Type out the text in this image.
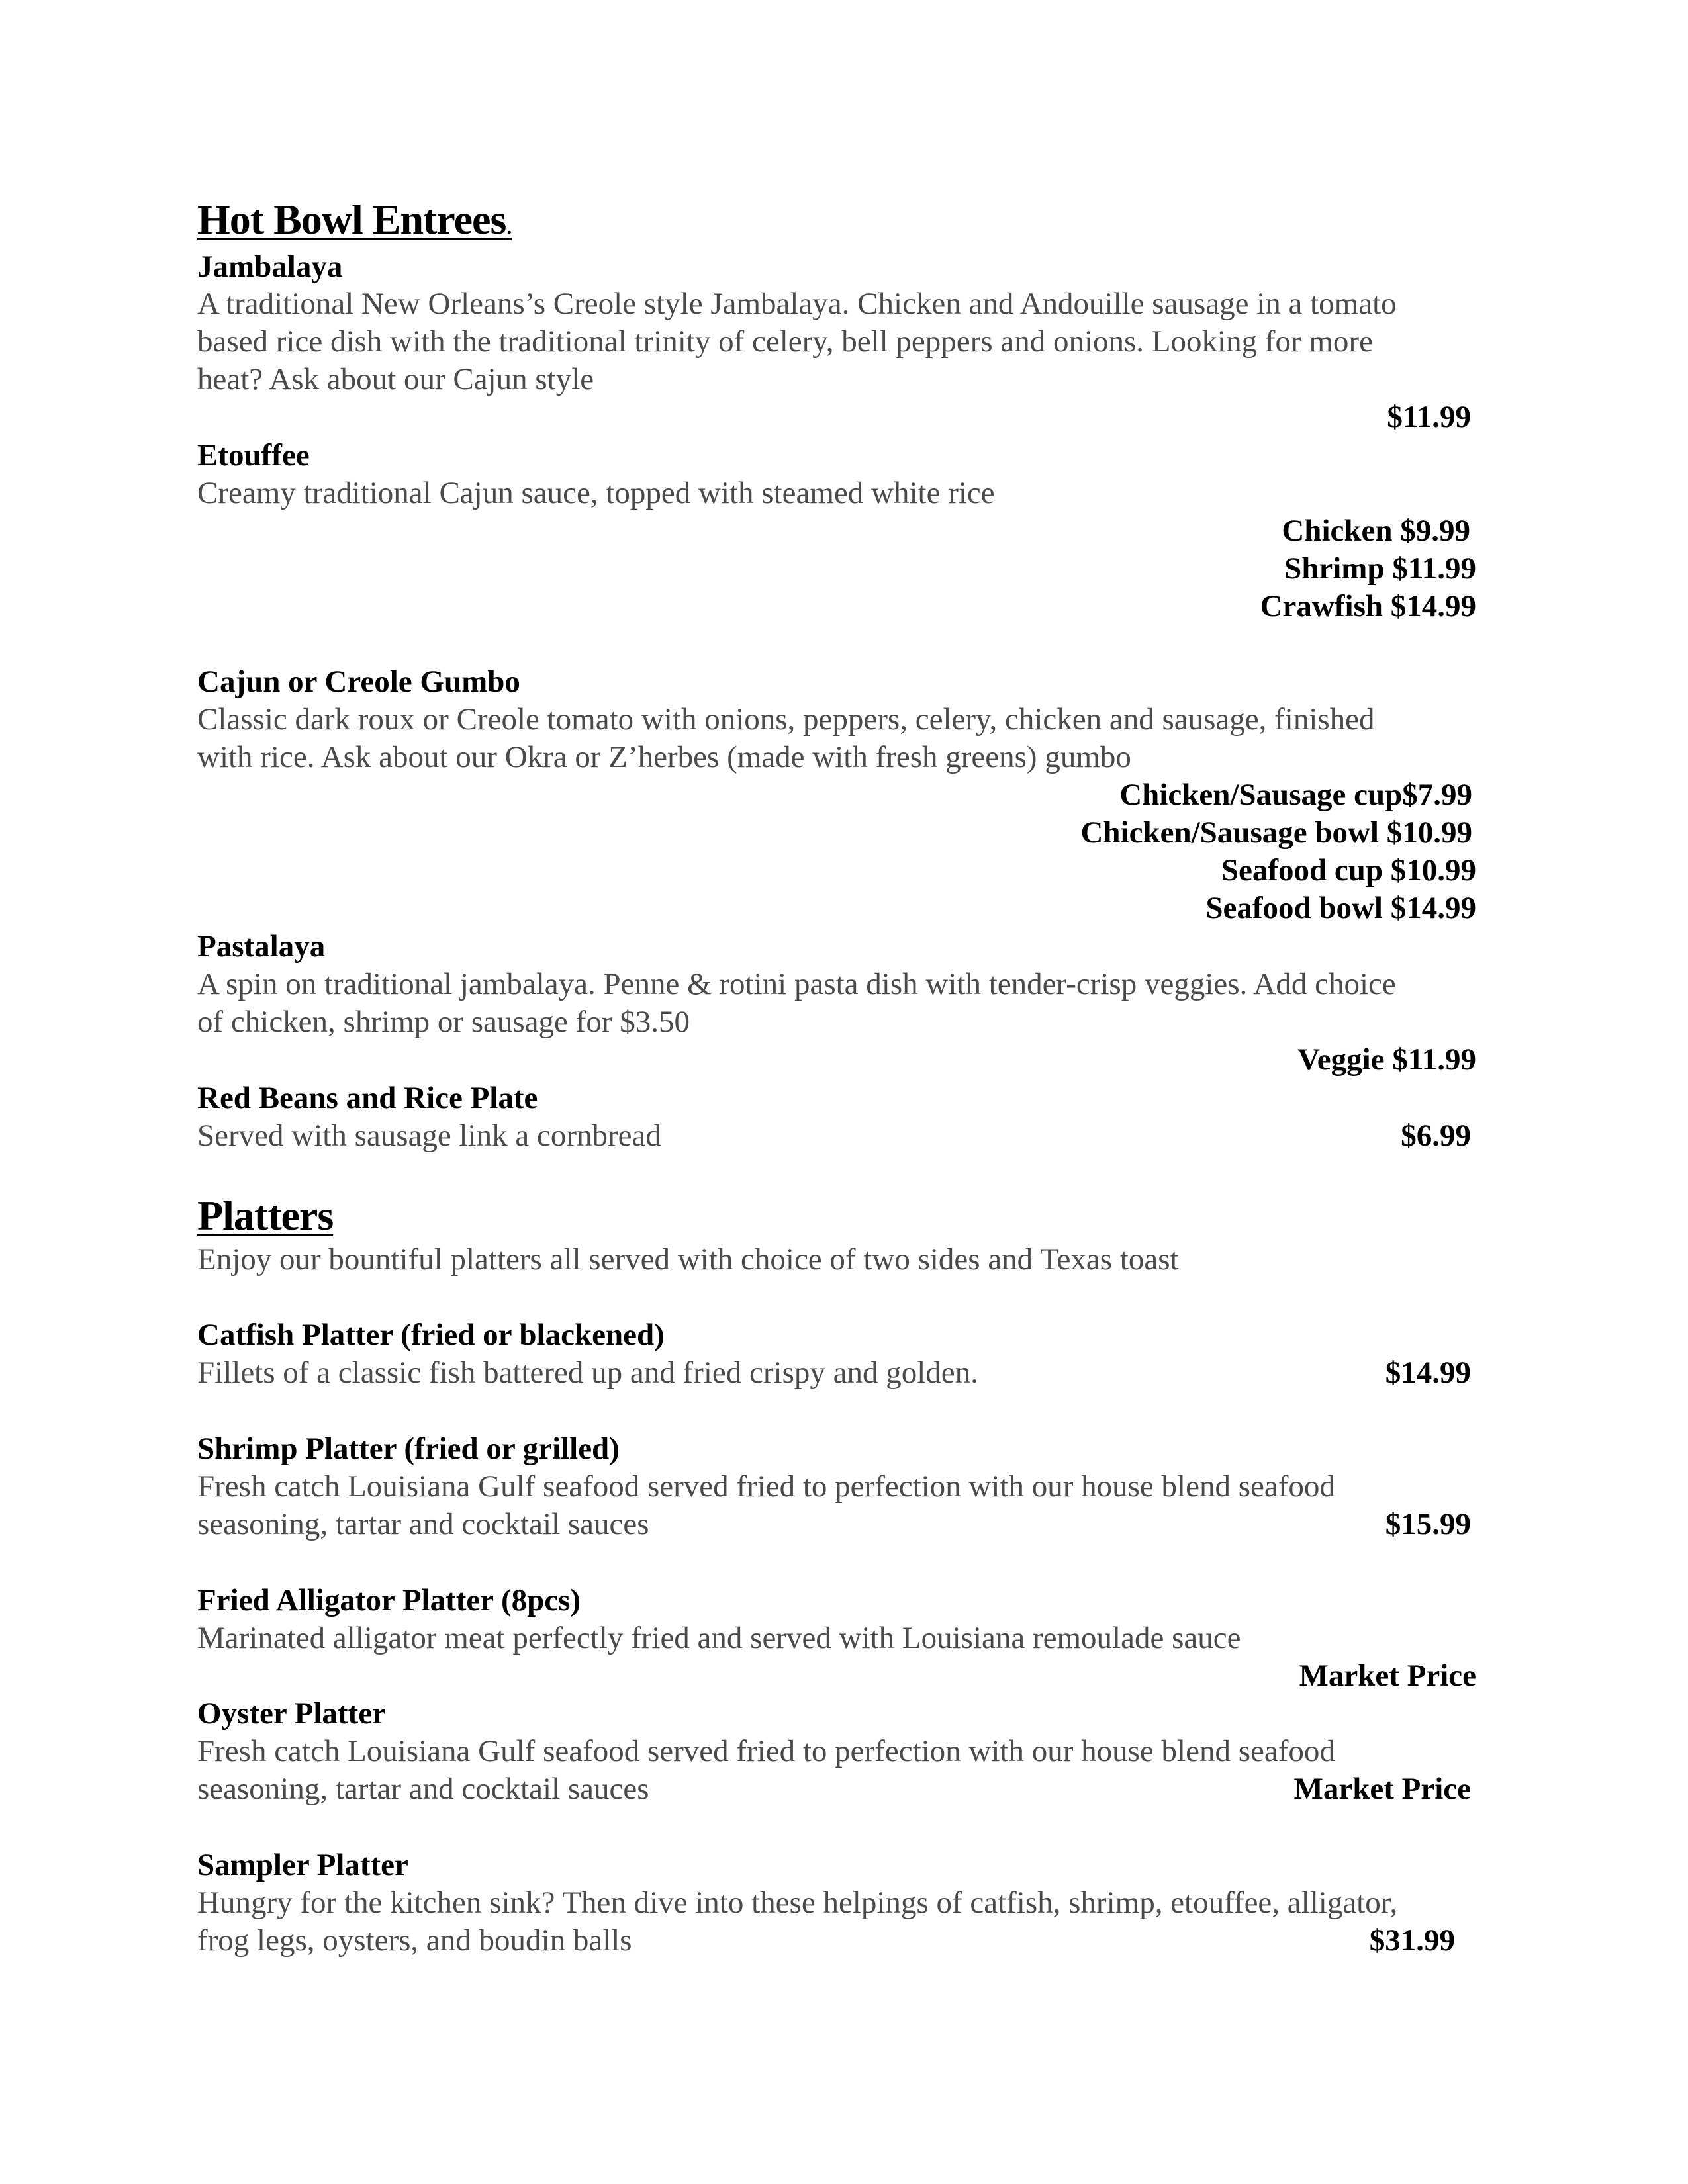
Hot Bowl Entrees.
Jambalaya
A traditional New Orleans’s Creole style Jambalaya. Chicken and Andouille sausage in a tomato
based rice dish with the traditional trinity of celery, bell peppers and onions. Looking for more
heat? Ask about our Cajun style
$11.99
Etouffee
Creamy traditional Cajun sauce, topped with steamed white rice
Chicken $9.99
Shrimp $11.99
Crawfish $14.99
Cajun or Creole Gumbo
Classic dark roux or Creole tomato with onions, peppers, celery, chicken and sausage, finished
with rice. Ask about our Okra or Z’herbes (made with fresh greens) gumbo
Chicken/Sausage cup$7.99
Chicken/Sausage bowl $10.99
Seafood cup $10.99
Seafood bowl $14.99
Pastalaya
A spin on traditional jambalaya. Penne & rotini pasta dish with tender-crisp veggies. Add choice
of chicken, shrimp or sausage for $3.50
Veggie $11.99
Red Beans and Rice Plate
Served with sausage link a cornbread	$6.99
Platters
Enjoy our bountiful platters all served with choice of two sides and Texas toast
Catfish Platter (fried or blackened)
Fillets of a classic fish battered up and fried crispy and golden.	$14.99
Shrimp Platter (fried or grilled)
Fresh catch Louisiana Gulf seafood served fried to perfection with our house blend seafood
seasoning, tartar and cocktail sauces	$15.99
Fried Alligator Platter (8pcs)
Marinated alligator meat perfectly fried and served with Louisiana remoulade sauce
Market Price
Oyster Platter
Fresh catch Louisiana Gulf seafood served fried to perfection with our house blend seafood
seasoning, tartar and cocktail sauces	Market Price
Sampler Platter
Hungry for the kitchen sink? Then dive into these helpings of catfish, shrimp, etouffee, alligator,
frog legs, oysters, and boudin balls	$31.99
